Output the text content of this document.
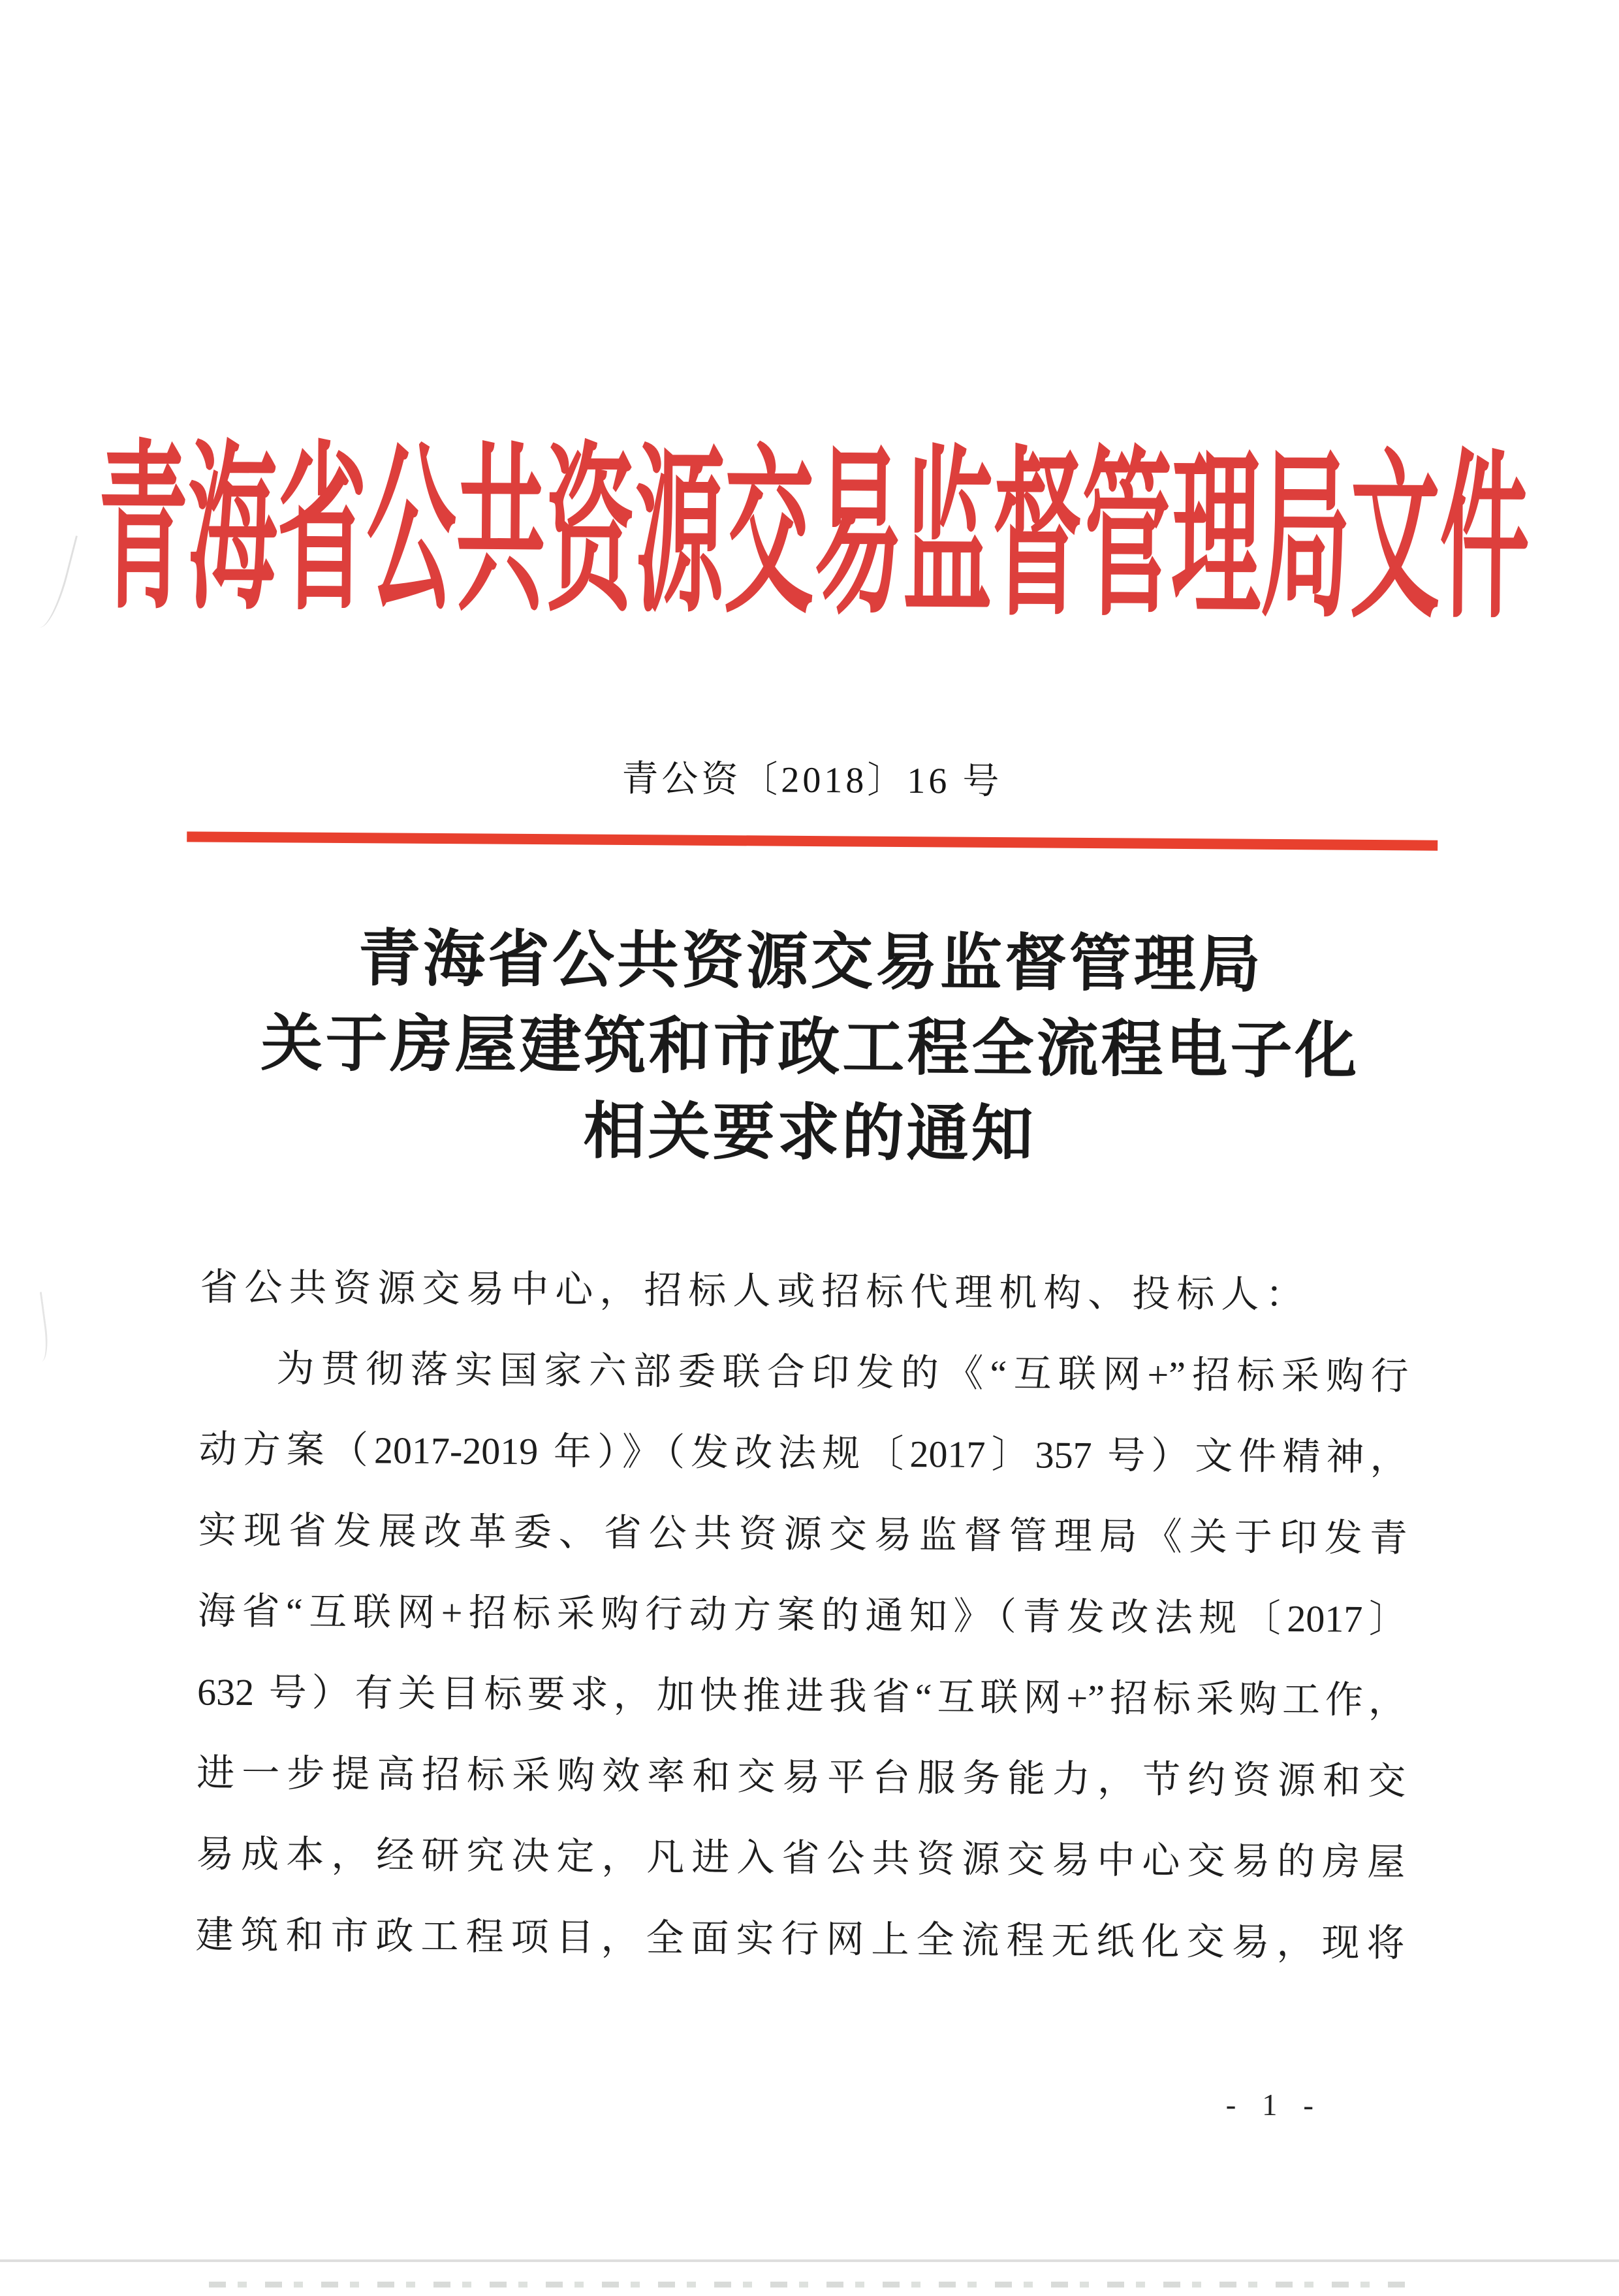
青海省公共资源交易监督管理局文件
青公资〔2018〕16 号
青海省公共资源交易监督管理局
关于房屋建筑和市政工程全流程电子化
相关要求的通知
省公共资源交易中心，招标人或招标代理机构、投标人：
为贯彻落实国家六部委联合印发的《“互联网+”招标采购行
动方案（2017-2019 年）》（发改法规〔2017〕357 号）文件精神，
实现省发展改革委、省公共资源交易监督管理局《关于印发青
海省“互联网+招标采购行动方案的通知》（青发改法规〔2017〕
632 号）有关目标要求，加快推进我省“互联网+”招标采购工作，
进一步提高招标采购效率和交易平台服务能力，节约资源和交
易成本，经研究决定，凡进入省公共资源交易中心交易的房屋
建筑和市政工程项目，全面实行网上全流程无纸化交易，现将
- 1 -
